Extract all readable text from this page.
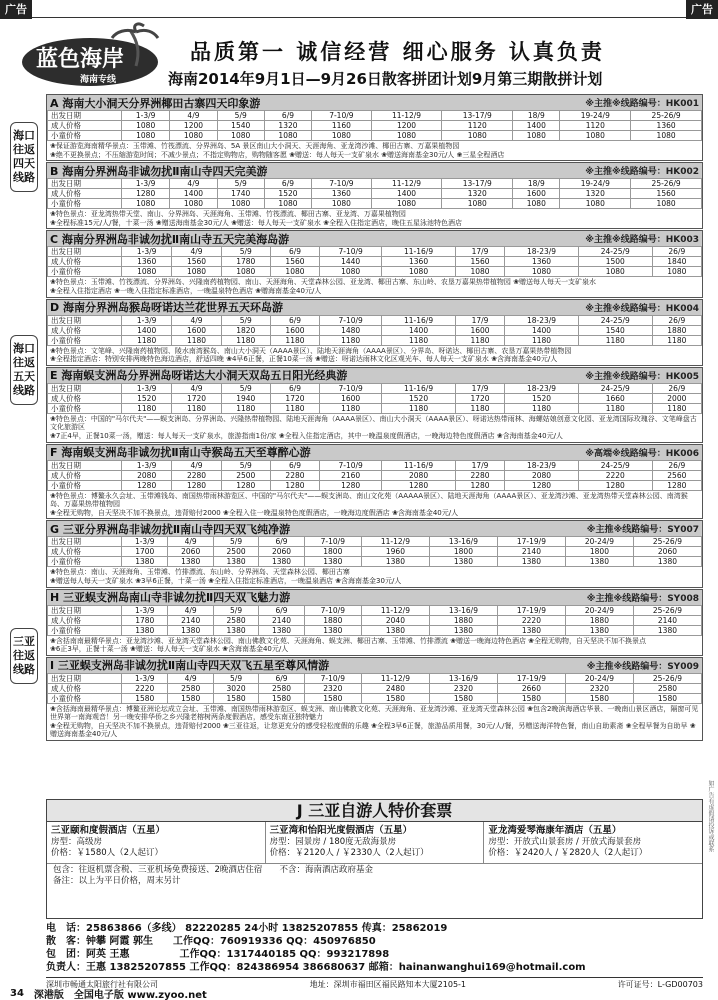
广告	广告
蓝色海岸
海南专线
品质第一 诚信经营 细心服务 认真负责
海南2014年9月1日—9月26日散客拼团计划9月第三期散拼计划
海口往返四天线路
海口往返五天线路
三亚往返线路
A 海南大小洞天分界洲椰田古寨四天印象游	※主推※线路编号：HK001
出发日期	1-3/9	4/9	5/9	6/9	7-10/9	11-12/9	13-17/9	18/9	19-24/9	25-26/9
成人价格	1080	1200	1540	1320	1160	1200	1120	1400	1120	1360
小童价格	1080	1080	1080	1080	1080	1080	1080	1080	1080	1080
❀保证游览海南精华景点：玉带滩、竹筏漂流、分界洲岛、5A 景区南山大小洞天、天涯海角、亚龙湾沙滩、椰田古寨、万嘉果植物园
❀绝不更换景点；不压缩游览时间；不减少景点；不指定购物店，购物随客愿 ❀赠送：每人每天一支矿泉水 ❀赠送海南基金30元/人 ❀三星全程酒店
B 海南分界洲岛非诚勿扰Ⅱ南山寺四天完美游	※主推※线路编号：HK002
出发日期	1-3/9	4/9	5/9	6/9	7-10/9	11-12/9	13-17/9	18/9	19-24/9	25-26/9
成人价格	1280	1400	1740	1520	1360	1400	1320	1600	1320	1560
小童价格	1080	1080	1080	1080	1080	1080	1080	1080	1080	1080
❀特色景点：亚龙湾热带天堂、南山、分界洲岛、天涯海角、玉带滩、竹筏漂流、椰田古寨、亚龙湾、万嘉果植物园
❀全程标准15元/人/餐，十菜一汤 ❀赠送海南基金30元/人 ❀赠送：每人每天一支矿泉水 ❀全程入住指定酒店，晚住五星泳池特色酒店
C 海南分界洲岛非诚勿扰Ⅱ南山寺五天完美海岛游	※主推※线路编号：HK003
出发日期	1-3/9	4/9	5/9	6/9	7-10/9	11-16/9	17/9	18-23/9	24-25/9	26/9
成人价格	1360	1560	1780	1560	1440	1360	1560	1360	1500	1840
小童价格	1080	1080	1080	1080	1080	1080	1080	1080	1080	1080
❀特色景点：玉带滩、竹筏漂流、分界洲岛、兴隆南药植物园、南山、天涯海角、天堂森林公园、亚龙湾、椰田古寨、东山岭、农垦万嘉果热带植物园 ❀赠送每人每天一支矿泉水
❀全程入住指定酒店 ❀一晚入住指定标准酒店，一晚温泉特色酒店 ❀赠海南基金40元/人
D 海南分界洲岛猴岛呀诺达兰花世界五天环岛游	※主推※线路编号：HK004
出发日期	1-3/9	4/9	5/9	6/9	7-10/9	11-16/9	17/9	18-23/9	24-25/9	26/9
成人价格	1400	1600	1820	1600	1480	1400	1600	1400	1540	1880
小童价格	1180	1180	1180	1180	1180	1180	1180	1180	1180	1180
❀特色景点：文笔峰、兴隆南药植物园、陵水南湾猴岛、南山大小洞天（AAAA景区）、陆地天涯海角（AAAA景区）、分界岛、呀诺达、椰田古寨、农垦万嘉果热带植物园
❀全程指定酒店：特别安排两晚特色海边酒店，舒适四晚 ❀4早6正餐，正餐10菜一汤 ❀赠送：呀诺达雨林文化区观光车、每人每天一支矿泉水 ❀含海南基金40元/人
E 海南蜈支洲岛分界洲岛呀诺达大小洞天双岛五日阳光经典游	※主推※线路编号：HK005
出发日期	1-3/9	4/9	5/9	6/9	7-10/9	11-16/9	17/9	18-23/9	24-25/9	26/9
成人价格	1520	1720	1940	1720	1600	1520	1720	1520	1660	2000
小童价格	1180	1180	1180	1180	1180	1180	1180	1180	1180	1180
❀特色景点：中国的"马尔代夫"——蜈支洲岛、分界洲岛、兴隆热带植物园、陆地天涯海角（AAAA景区）、南山大小洞天（AAAA景区）、呀诺达热带雨林、海螺姑娘创意文化园、亚龙湾国际玫瑰谷、文笔峰盘古文化旅游区
❀7正4早，正餐10菜一汤，赠送：每人每天一支矿泉水，旅游指南1份/家 ❀全程入住指定酒店，其中一晚温泉度假酒店，一晚海边特色度假酒店 ❀含海南基金40元/人
F 海南蜈支洲岛非诚勿扰Ⅱ南山寺猴岛五天至尊醉心游	※高端※线路编号：HK006
出发日期	1-3/9	4/9	5/9	6/9	7-10/9	11-16/9	17/9	18-23/9	24-25/9	26/9
成人价格	2080	2280	2500	2280	2160	2080	2280	2080	2220	2560
小童价格	1280	1280	1280	1280	1280	1280	1280	1280	1280	1280
❀特色景点：博鳌永久会址、玉带滩钱岛、南国热带雨林游览区、中国的"马尔代夫"——蜈支洲岛、南山文化苑（AAAAA景区）、陆地天涯海角（AAAA景区）、亚龙湾沙滩、亚龙湾热带天堂森林公园、南湾猴岛、万嘉果热带植物园
❀全程无购物，自天坚决不加不换景点，违背赔付2000 ❀全程入住一晚温泉特色度假酒店，一晚海边度假酒店 ❀含海南基金40元/人
G 三亚分界洲岛非诚勿扰Ⅱ南山寺四天双飞纯净游	※主推※线路编号：SY007
出发日期	1-3/9	4/9	5/9	6/9	7-10/9	11-12/9	13-16/9	17-19/9	20-24/9	25-26/9
成人价格	1700	2060	2500	2060	1800	1960	1800	2140	1800	2060
小童价格	1380	1380	1380	1380	1380	1380	1380	1380	1380	1380
❀特色景点：南山、天涯海角、玉带滩、竹排漂流、东山岭、分界洲岛、天堂森林公园、椰田古寨
❀赠送每人每天一支矿泉水 ❀3早6正餐，十菜一汤 ❀全程入住指定标准酒店，一晚温泉酒店 ❀含海南基金30元/人
H 三亚蜈支洲岛南山寺非诚勿扰Ⅱ四天双飞魅力游	※主推※线路编号：SY008
出发日期	1-3/9	4/9	5/9	6/9	7-10/9	11-12/9	13-16/9	17-19/9	20-24/9	25-26/9
成人价格	1780	2140	2580	2140	1880	2040	1880	2220	1880	2140
小童价格	1380	1380	1380	1380	1380	1380	1380	1380	1380	1380
❀含括南南最精华景点：亚龙湾沙滩、亚龙湾天堂森林公园、南山佛教文化苑、天涯海角、蜈支洲、椰田古寨、玉带滩、竹排漂流 ❀赠送一晚海边特色酒店 ❀全程无购物，自天坚决不加不换景点
❀6正3早，正餐十菜一汤 ❀赠送：每人每天一支矿泉水 ❀含海南基金40元/人
I 三亚蜈支洲岛非诚勿扰Ⅱ南山寺四天双飞五星至尊风情游	※主推※线路编号：SY009
出发日期	1-3/9	4/9	5/9	6/9	7-10/9	11-12/9	13-16/9	17-19/9	20-24/9	25-26/9
成人价格	2220	2580	3020	2580	2320	2480	2320	2660	2320	2580
小童价格	1580	1580	1580	1580	1580	1580	1580	1580	1580	1580
❀含括海南最精华景点：博鳌亚洲论坛成立会址、玉带滩、南国热带雨林游览区、蜈支洲、南山佛教文化苑、天涯海角、亚龙湾沙滩、亚龙湾天堂森林公园 ❀包含2晚滨海酒店华景、一晚南山景区酒店，隔窗可见世界第一南海观音！另一晚安排华侨之乡兴隆老榕树两条度假酒店，感受东南亚独特魅力
❀全程无购物，自天坚决不加不换景点，违背赔付2000 ❀三亚往返，让您更充分的感受轻松度假的乐趣 ❀全程3早6正餐，旅游品质用餐，30元/人/餐，另赠送海洋特色餐，南山自助素斋 ❀全程早餐为自助早 ❀赠送海南基金40元/人
J 三亚自游人特价套票
三亚颐和度假酒店（五星）
房型：高级房
价格：￥1580人（2人起订）
三亚湾和怡阳光度假酒店（五星）
房型：园景房 / 180度无敌海景房
价格：￥2120人 / ￥2330人（2人起订）
亚龙湾爱琴海康年酒店（五星）
房型：开放式山景套房 / 开放式海景套房
价格：￥2420人 / ￥2820人（2人起订）
包含：往返机票含税、三亚机场免费接送、2晚酒店住宿　　 不含：海南酒店政府基金
备注：以上为平日价格，周末另计
电　话：25863866（多线） 82220285 24小时 13825207855 传真：25862019
散　客：钟攀 阿霞 郭生　　工作QQ：760919336 QQ：450976850
包　团：阿英 王惠　　　　　工作QQ：1317440185 QQ：993217898
负责人：王惠 13825207855 工作QQ：824386954 386680637 邮箱：hainanwanghui169@hotmail.com
深圳市畅通太阳旅行社有限公司	地址：深圳市福田区福民路知本大厦2105-1	许可证号：L-GD00703
34 深港版 全国电子版 www.zyoo.net
如广告有虚假请投诉或联系
